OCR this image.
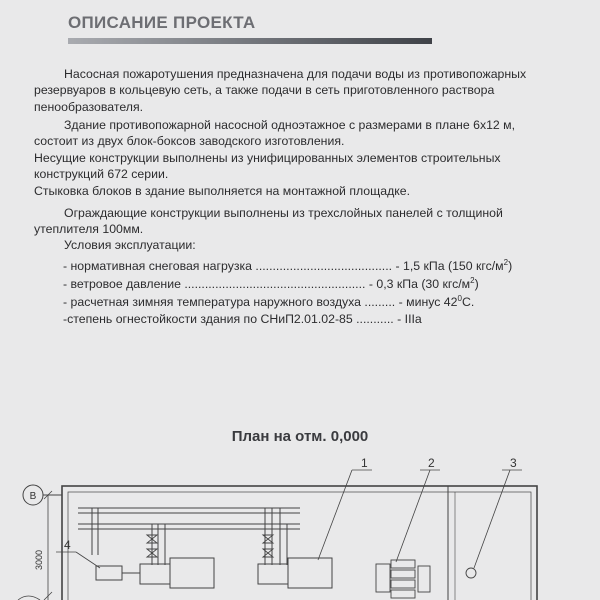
ОПИСАНИЕ ПРОЕКТА
Насосная пожаротушения предназначена для подачи воды из противопожарных резервуаров в кольцевую сеть, а также подачи в сеть приготовленного раствора пенообразователя.
Здание противопожарной насосной одноэтажное с размерами в плане 6х12 м,
состоит из двух блок-боксов заводского изготовления.
Несущие конструкции выполнены из унифицированных элементов строительных конструкций 672 серии.
Стыковка блоков в здание выполняется на монтажной площадке.
Ограждающие конструкции выполнены из трехслойных панелей с толщиной утеплителя 100мм.
Условия эксплуатации:
- нормативная снеговая нагрузка ........................................ - 1,5 кПа (150 кгс/$м^2$)
- ветровое давление ..................................................... - 0,3 кПа (30 кгс/$м^2$)
- расчетная зимняя температура наружного воздуха ......... - минус $42^0С$.
-степень огнестойкости здания по СНиП2.01.02-85 ........... - IIIa
План на отм. 0,000
В
3000
1	2	3
4
